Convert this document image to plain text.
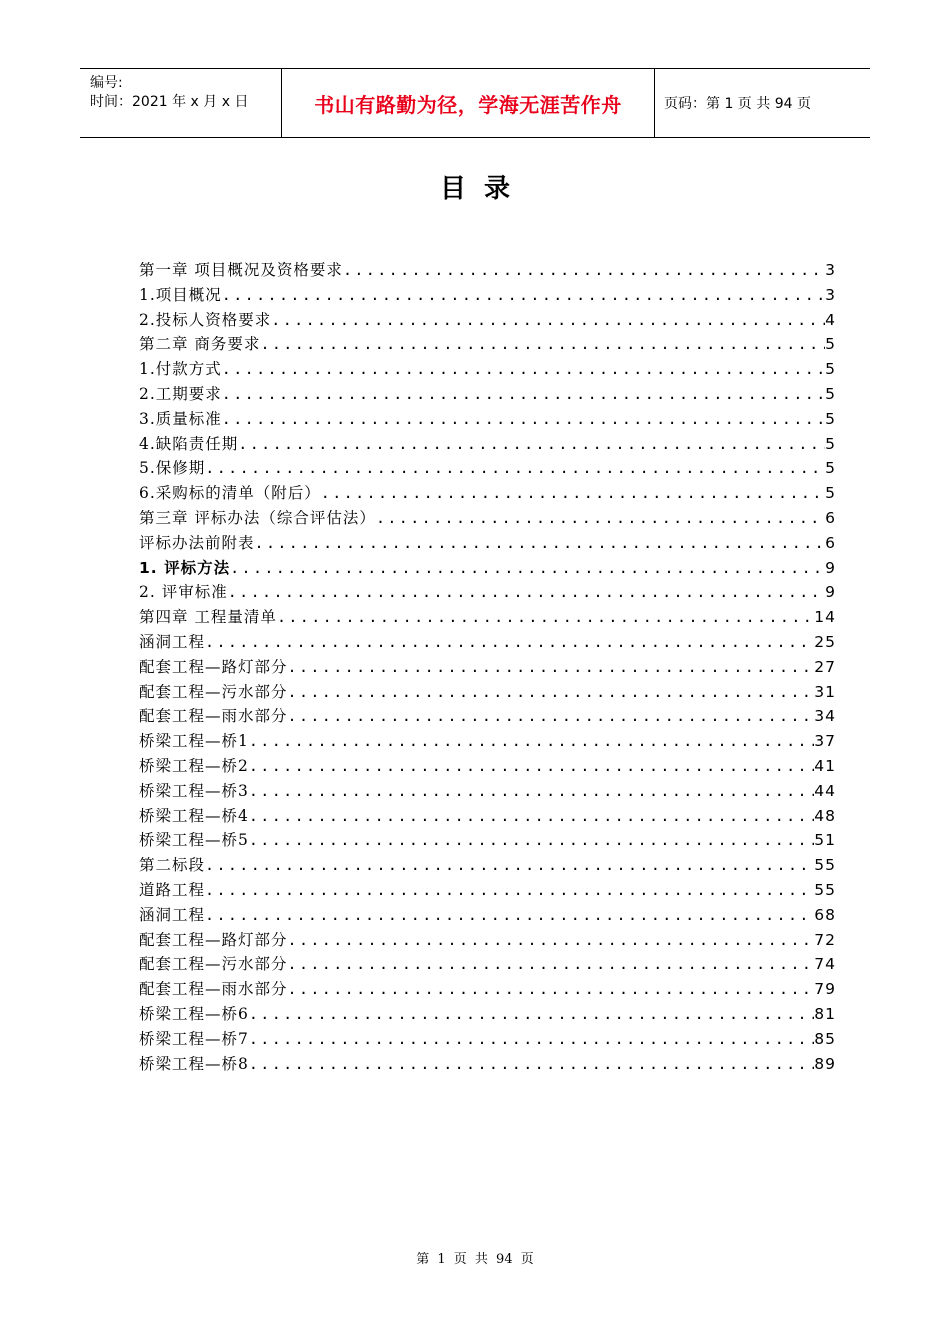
编号:
时间：2021 年 x 月 x 日	书山有路勤为径，学海无涯苦作舟	页码：第 1 页 共 94 页
目录
第一章 项目概况及资格要求 .....	3
1.项目概况 .....	3
2.投标人资格要求 .....	4
第二章 商务要求 .....	5
1.付款方式 .....	5
2.工期要求 .....	5
3.质量标准 .....	5
4.缺陷责任期 .....	5
5.保修期 .....	5
6.采购标的清单（附后） .....	5
第三章 评标办法（综合评估法） .....	6
评标办法前附表 .....	6
1. 评标方法 .....	9
2. 评审标准 .....	9
第四章 工程量清单 .....	14
涵洞工程 .....	25
配套工程—路灯部分 .....	27
配套工程—污水部分 .....	31
配套工程—雨水部分 .....	34
桥梁工程—桥1 .....	37
桥梁工程—桥2 .....	41
桥梁工程—桥3 .....	44
桥梁工程—桥4 .....	48
桥梁工程—桥5 .....	51
第二标段 .....	55
道路工程 .....	55
涵洞工程 .....	68
配套工程—路灯部分 .....	72
配套工程—污水部分 .....	74
配套工程—雨水部分 .....	79
桥梁工程—桥6 .....	81
桥梁工程—桥7 .....	85
桥梁工程—桥8 .....	89
第 1 页 共 94 页
